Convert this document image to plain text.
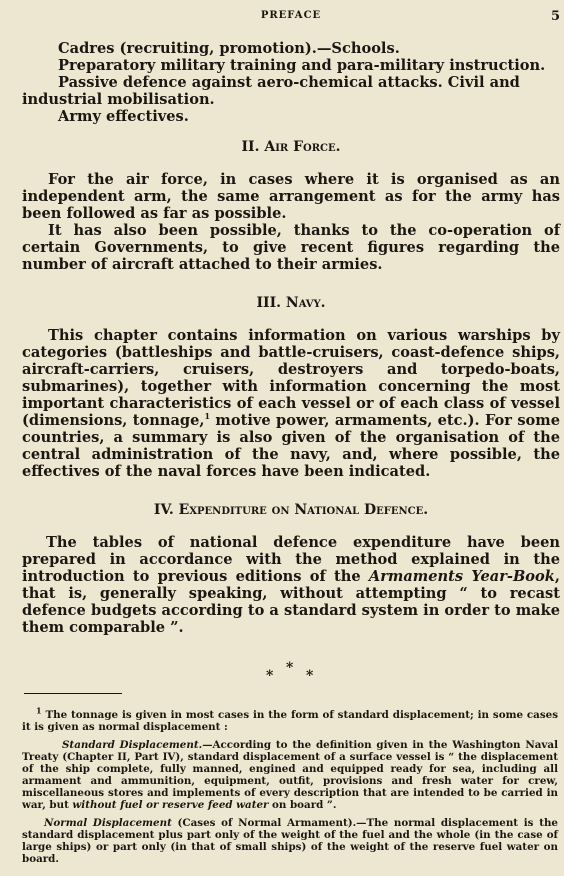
PREFACE	5
Cadres (recruiting, promotion).—Schools.
Preparatory military training and para-military instruction.
Passive defence against aero-chemical attacks. Civil and
industrial mobilisation.
Army effectives.
II. Air Force.

For the air force, in cases where it is organised as an independent arm, the same arrangement as for the army has been followed as far as possible.

It has also been possible, thanks to the co-operation of certain Governments, to give recent figures regarding the number of aircraft attached to their armies.

III. Navy.

This chapter contains information on various warships by categories (battleships and battle-cruisers, coast-defence ships, aircraft-carriers, cruisers, destroyers and torpedo-boats, submarines), together with information concerning the most important characteristics of each vessel or of each class of vessel (dimensions, tonnage,$^1$ motive power, armaments, etc.). For some countries, a summary is also given of the organisation of the central administration of the navy, and, where possible, the effectives of the naval forces have been indicated.

IV. Expenditure on National Defence.

The tables of national defence expenditure have been prepared in accordance with the method explained in the introduction to previous editions of the Armaments Year-Book, that is, generally speaking, without attempting “ to recast defence budgets according to a standard system in order to make them comparable ”.

*
* *

$^1$ The tonnage is given in most cases in the form of standard displacement; in some cases it is given as normal displacement :

Standard Displacement.—According to the definition given in the Washington Naval Treaty (Chapter II, Part IV), standard displacement of a surface vessel is “ the displacement of the ship complete, fully manned, engined and equipped ready for sea, including all armament and ammunition, equipment, outfit, provisions and fresh water for crew, miscellaneous stores and implements of every description that are intended to be carried in war, but without fuel or reserve feed water on board ”.

Normal Displacement (Cases of Normal Armament).—The normal displacement is the standard displacement plus part only of the weight of the fuel and the whole (in the case of large ships) or part only (in that of small ships) of the weight of the reserve fuel water on board.
